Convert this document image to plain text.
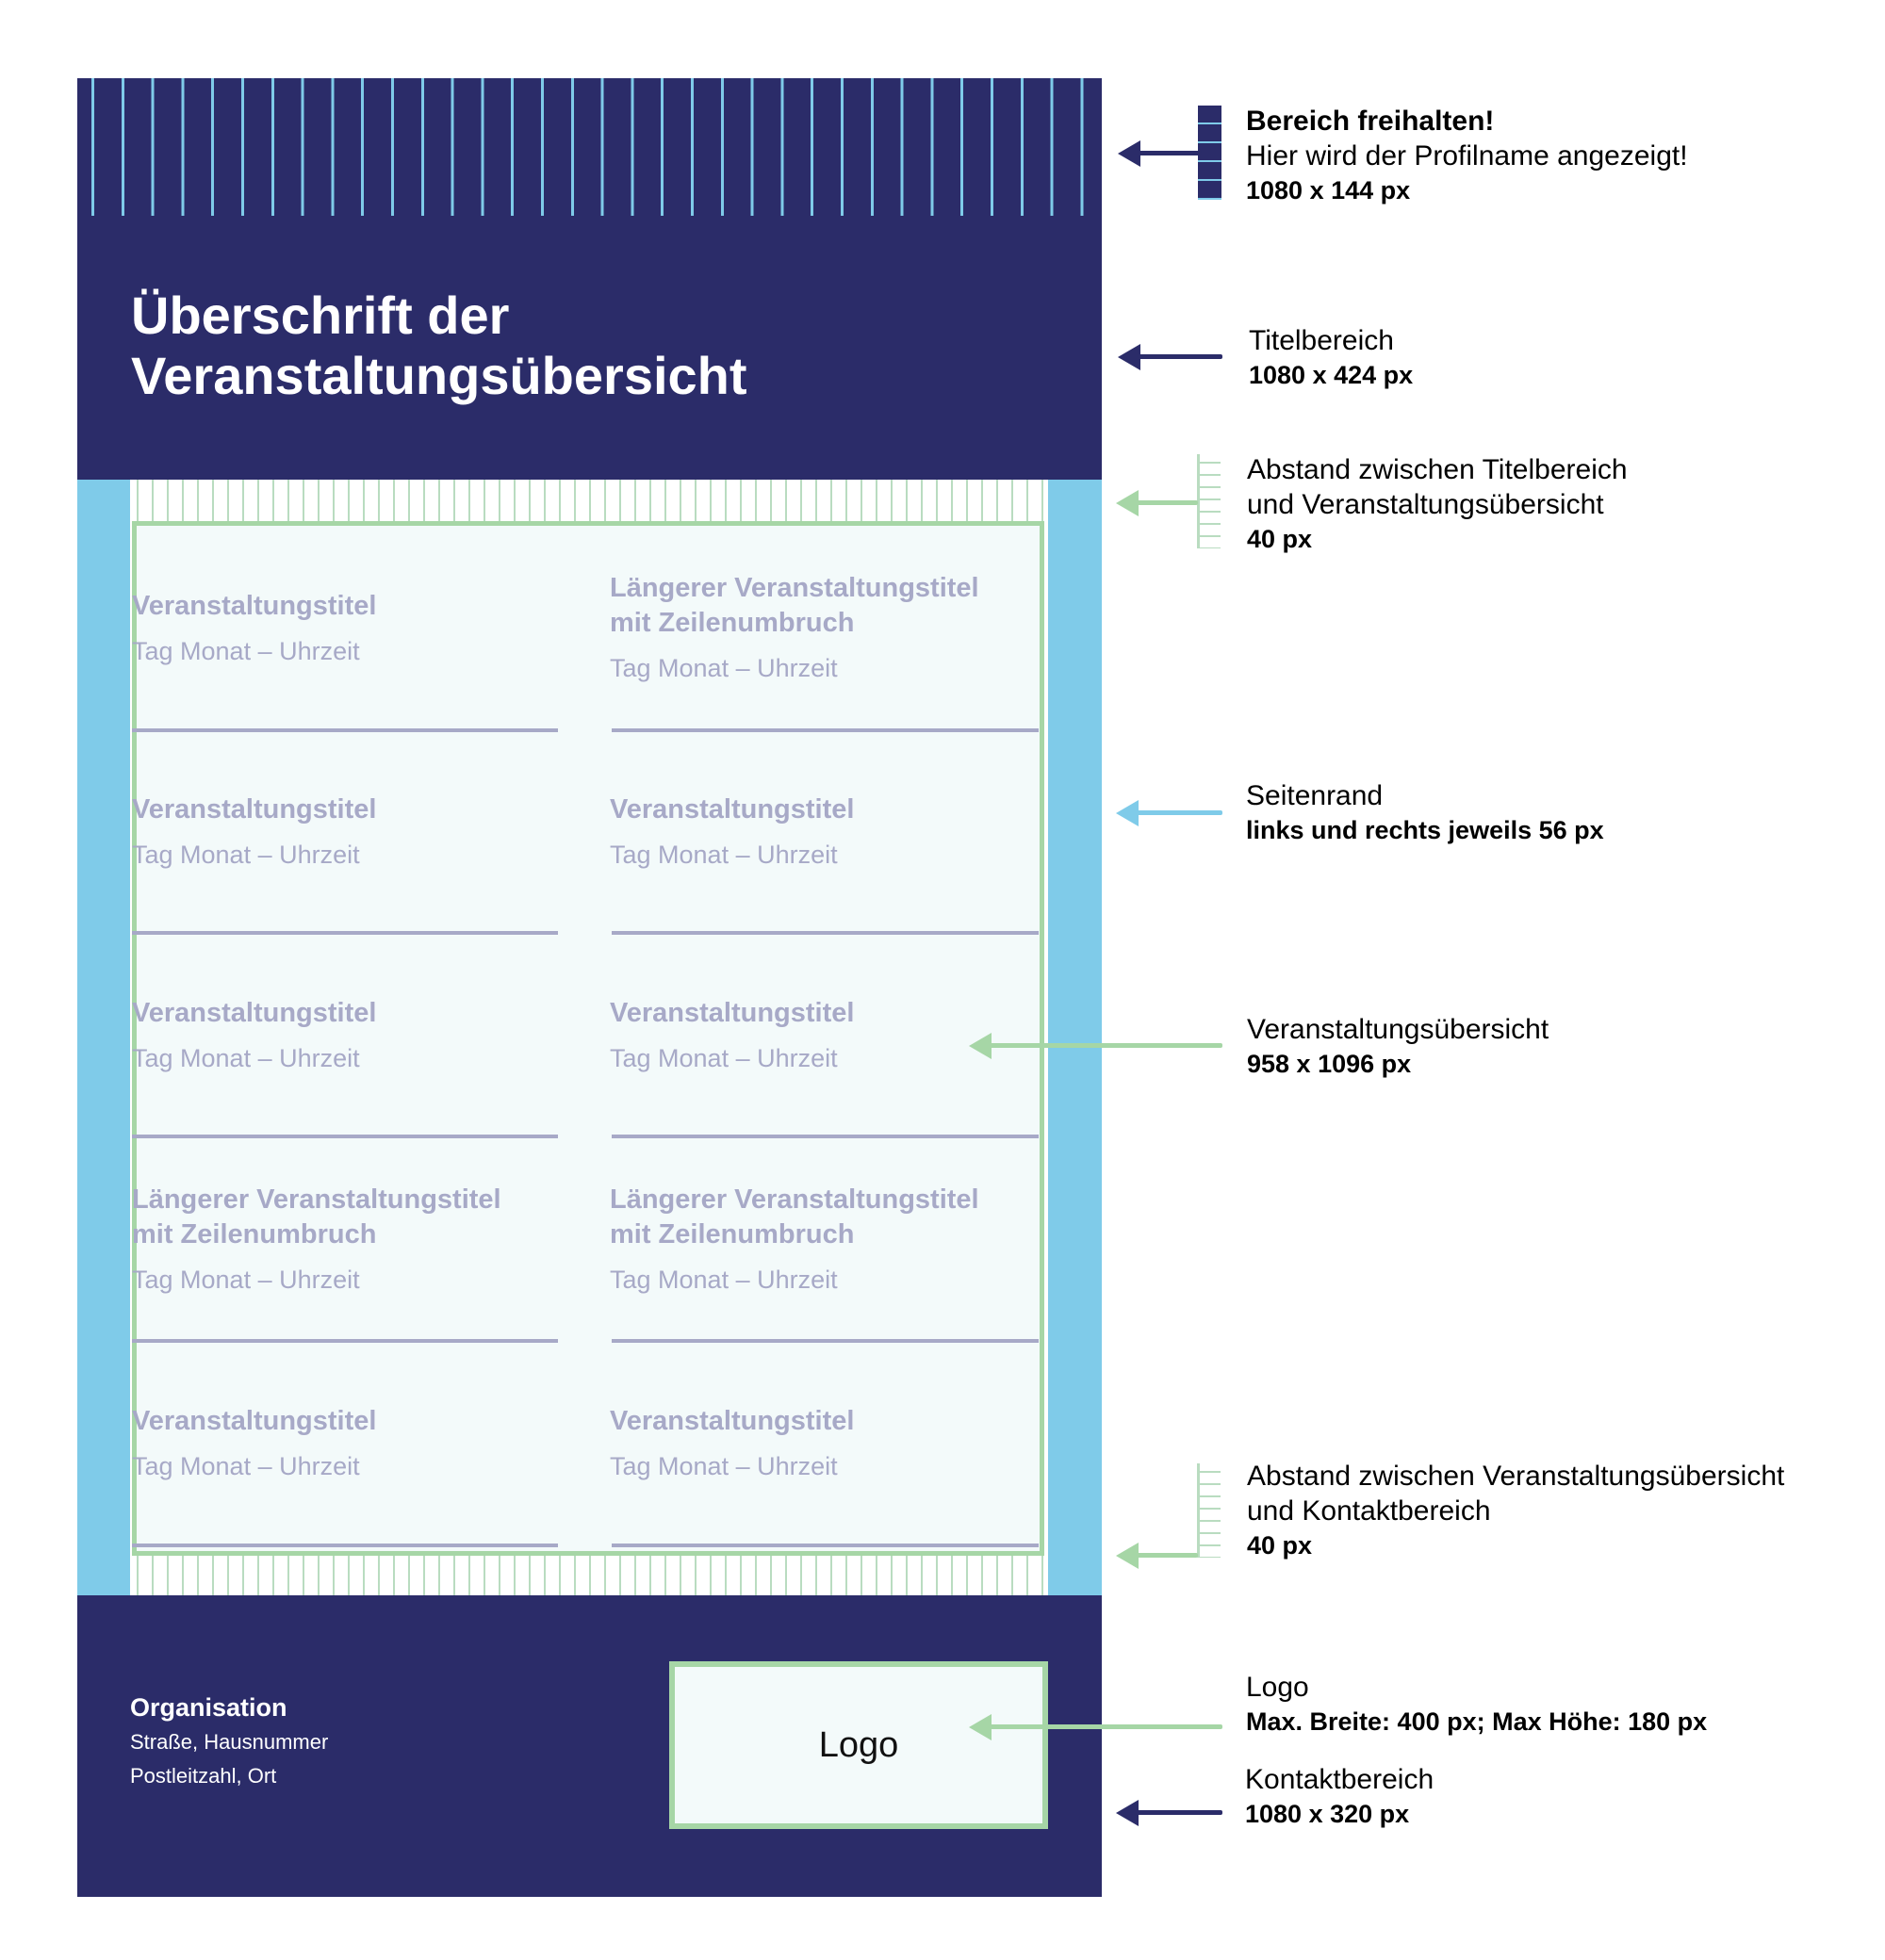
Überschrift der
Veranstaltungsübersicht
Veranstaltungstitel
Tag Monat – Uhrzeit
Längerer Veranstaltungstitel
mit Zeilenumbruch
Tag Monat – Uhrzeit
Veranstaltungstitel
Tag Monat – Uhrzeit
Veranstaltungstitel
Tag Monat – Uhrzeit
Veranstaltungstitel
Tag Monat – Uhrzeit
Veranstaltungstitel
Tag Monat – Uhrzeit
Längerer Veranstaltungstitel
mit Zeilenumbruch
Tag Monat – Uhrzeit
Längerer Veranstaltungstitel
mit Zeilenumbruch
Tag Monat – Uhrzeit
Veranstaltungstitel
Tag Monat – Uhrzeit
Veranstaltungstitel
Tag Monat – Uhrzeit
Organisation
Straße, Hausnummer
Postleitzahl, Ort
Logo
Bereich freihalten!
Hier wird der Profilname angezeigt!
1080 x 144 px
Titelbereich
1080 x 424 px
Abstand zwischen Titelbereich
und Veranstaltungsübersicht
40 px
Seitenrand
links und rechts jeweils 56 px
Veranstaltungsübersicht
958 x 1096 px
Abstand zwischen Veranstaltungsübersicht
und Kontaktbereich
40 px
Logo
Max. Breite: 400 px; Max Höhe: 180 px
Kontaktbereich
1080 x 320 px
